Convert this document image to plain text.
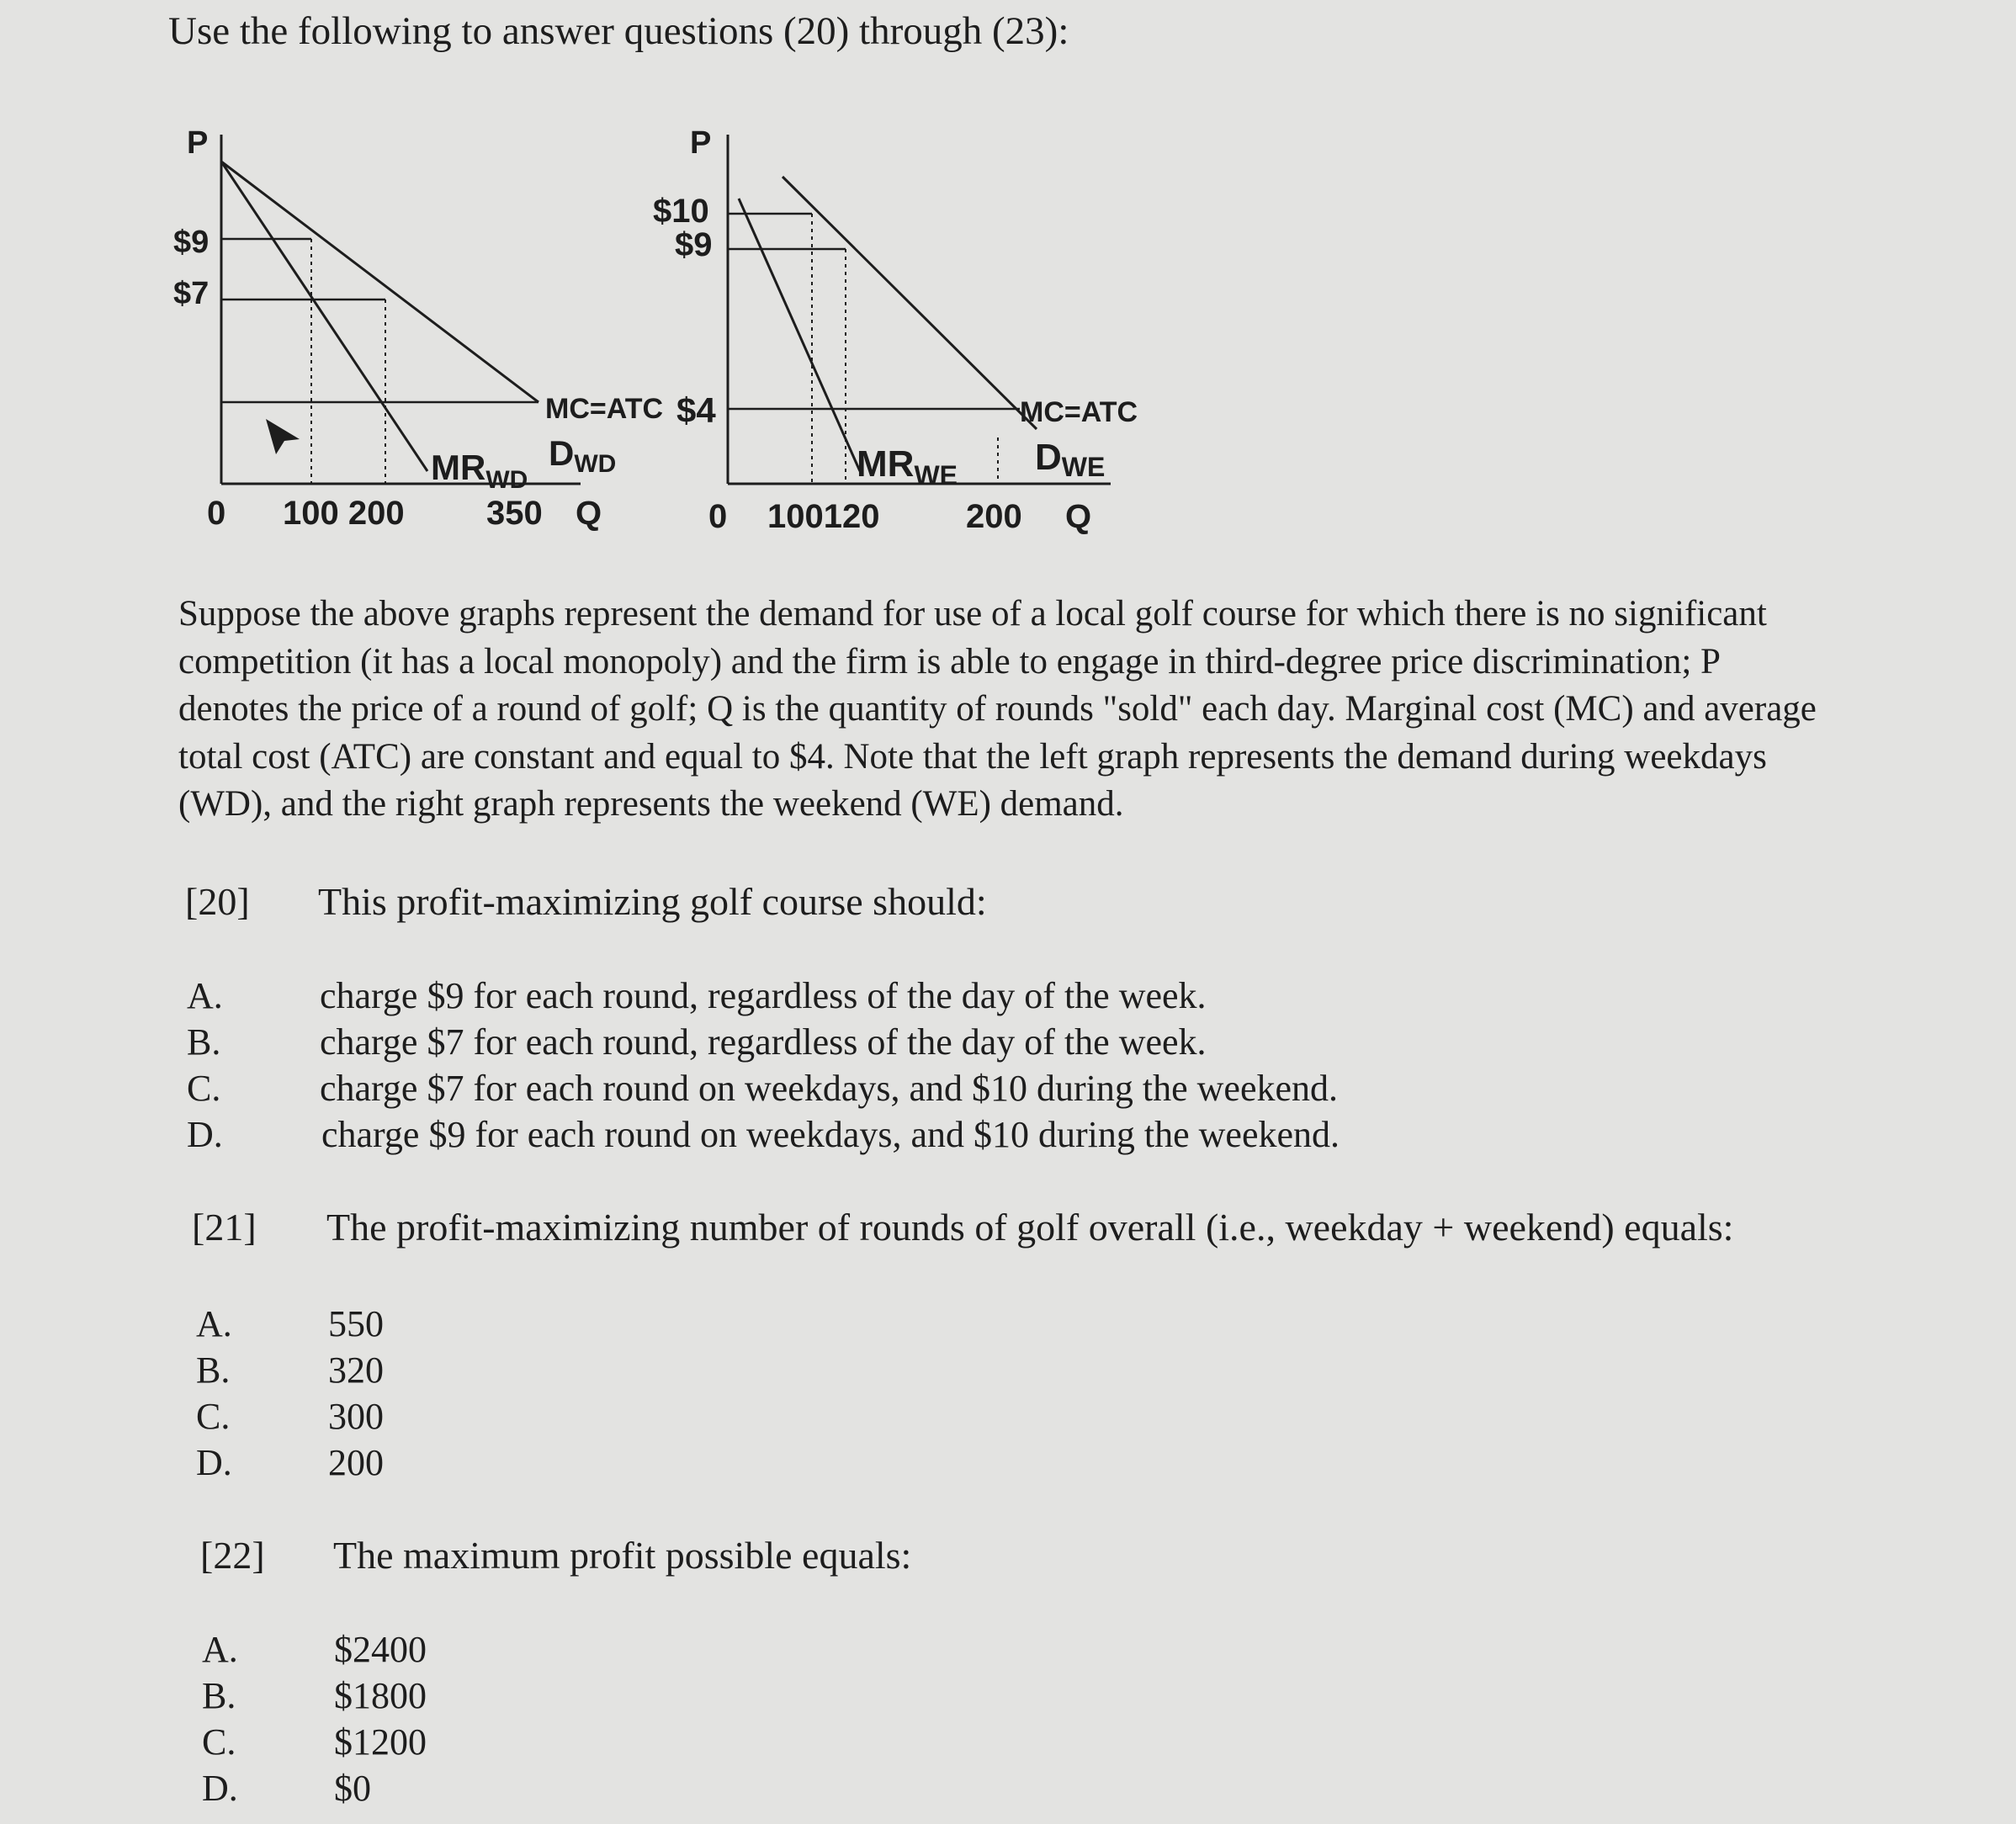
Use the following to answer questions (20) through (23):
P
$9
$7
MC=ATC
$MR_{WD}$
DWD
0 100 200 350 Q
P
$10
$9
$4	MC=ATC
$MR_{WE}$ DWE
0 100120	200 Q
Suppose the above graphs represent the demand for use of a local golf course for which there is no significant competition (it has a local monopoly) and the firm is able to engage in third-degree price discrimination; P denotes the price of a round of golf; Q is the quantity of rounds "sold" each day. Marginal cost (MC) and average total cost (ATC) are constant and equal to $4. Note that the left graph represents the demand during weekdays (WD), and the right graph represents the weekend (WE) demand.
[20] This profit-maximizing golf course should:
A.	charge $9 for each round, regardless of the day of the week.
B.	charge $7 for each round, regardless of the day of the week.
C.	charge $7 for each round on weekdays, and $10 during the weekend.
D.	charge $9 for each round on weekdays, and $10 during the weekend.
[21] The profit-maximizing number of rounds of golf overall (i.e., weekday + weekend) equals:
A.	550
B.	320
C.	300
D.	200
[22] The maximum profit possible equals:
A.	$2400
B.	$1800
C.	$1200
D.	$0
